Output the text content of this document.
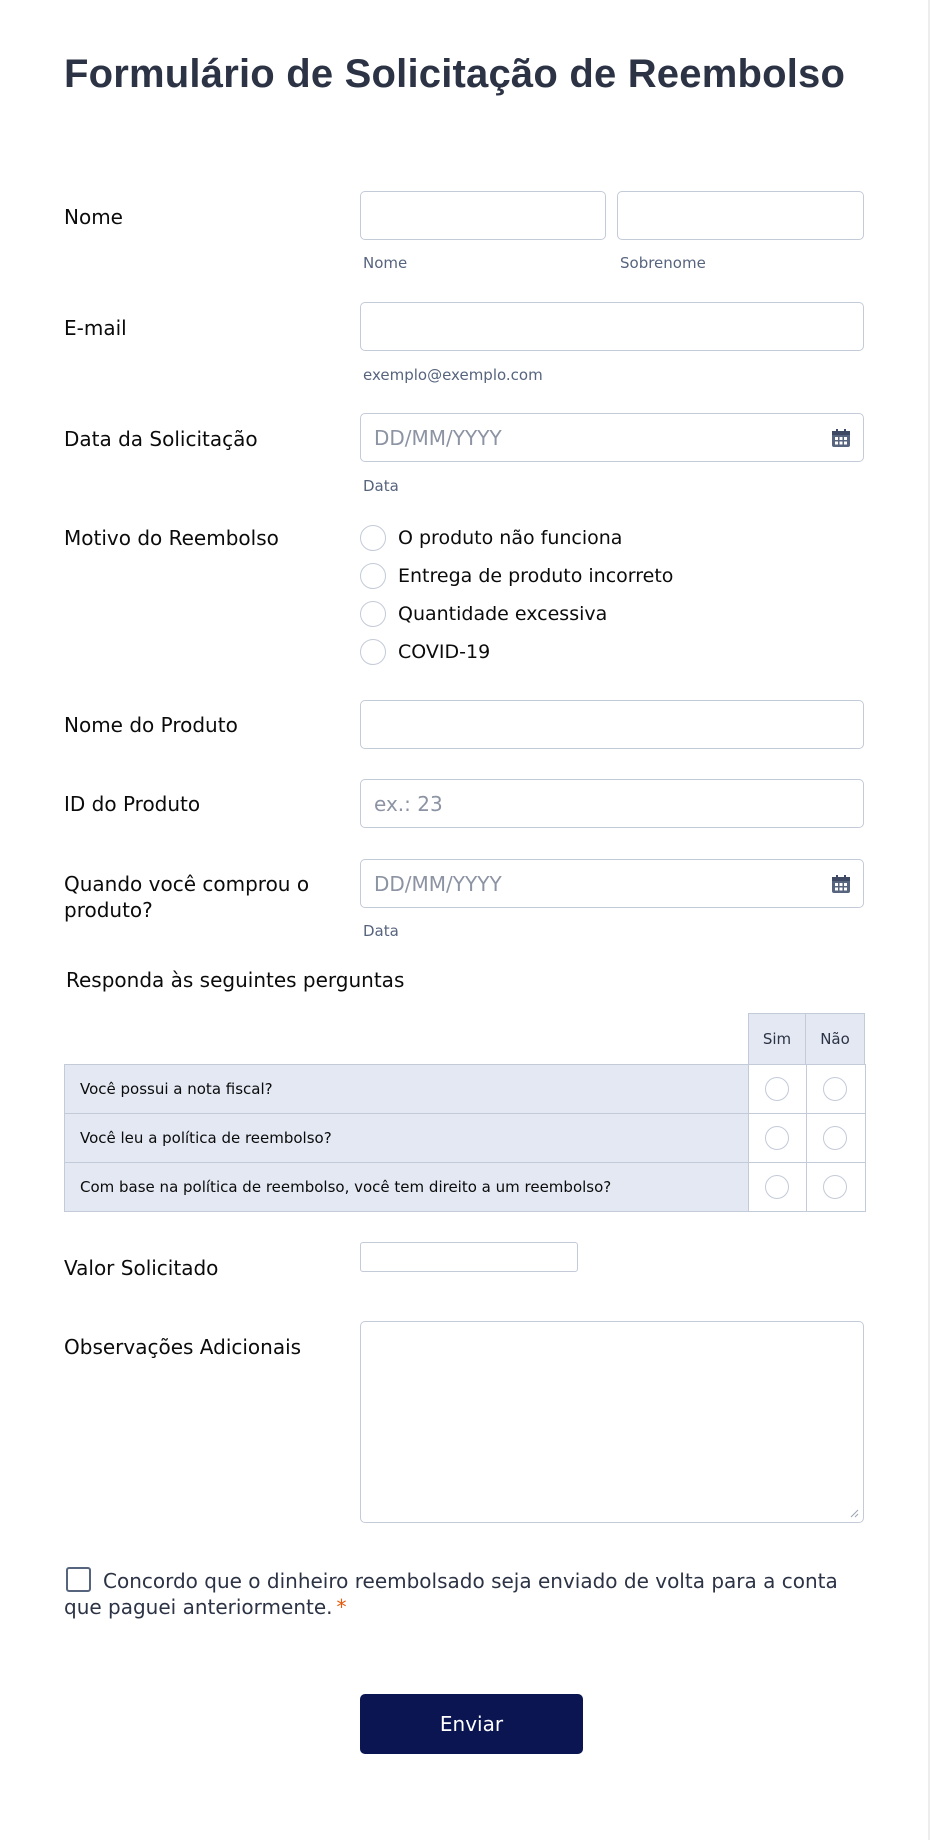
Formulário de Solicitação de Reembolso
Nome
Nome	Sobrenome
E-mail
exemplo@exemplo.com
Data da Solicitação	DD/MM/YYYY
Data
Motivo do Reembolso	O produto não funciona
Entrega de produto incorreto
Quantidade excessiva
COVID-19
Nome do Produto
ID do Produto	ex.: 23
Quando você comprou o produto?
DD/MM/YYYY
Data
Responda às seguintes perguntas
Sim	Não
Você possui a nota fiscal?
Você leu a política de reembolso?
Com base na política de reembolso, você tem direito a um reembolso?
Valor Solicitado
Observações Adicionais
Concordo que o dinheiro reembolsado seja enviado de volta para a conta que paguei anteriormente. *
Enviar
